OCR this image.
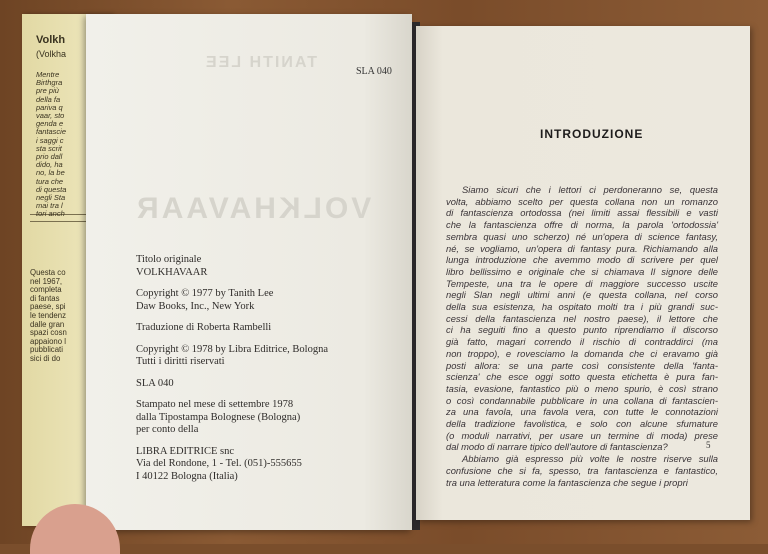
Volkh
(Volkha
Mentre
Birthgra
pre più
della fa
pariva q
vaar, sto
genda e
fantascie
i saggi c
sta scrit
prio dall
dido, ha
no, la be
tura che
di questa
negli Sta
mai tra l
tori anch
Questa co
nel 1967,
completa
di fantas
paese, spi
le tendenz
dalle gran
spazi cosn
appaiono l
pubblicati
sici di do
TANITH LEE
VOLKHAVAAR
SLA 040
Titolo originale
VOLKHAVAAR
Copyright © 1977 by Tanith Lee
Daw Books, Inc., New York
Traduzione di Roberta Rambelli
Copyright © 1978 by Libra Editrice, Bologna
Tutti i diritti riservati
SLA 040
Stampato nel mese di settembre 1978
dalla Tipostampa Bolognese (Bologna)
per conto della
LIBRA EDITRICE snc
Via del Rondone, 1 - Tel. (051)-555655
I 40122 Bologna (Italia)
INTRODUZIONE
Siamo sicuri che i lettori ci perdoneranno se, questa
volta, abbiamo scelto per questa collana non un romanzo
di fantascienza ortodossa (nei limiti assai flessibili e vasti
che la fantascienza offre di norma, la parola 'ortodossia'
sembra quasi uno scherzo) né un'opera di science fantasy,
né, se vogliamo, un'opera di fantasy pura. Richiamando alla
lunga introduzione che avemmo modo di scrivere per quel
libro bellissimo e originale che si chiamava Il signore delle
Tempeste, una tra le opere di maggiore successo uscite
negli Slan negli ultimi anni (e questa collana, nel corso
della sua esistenza, ha ospitato molti tra i più grandi suc-
cessi della fantascienza nel nostro paese), il lettore che
ci ha seguiti fino a questo punto riprendiamo il discorso
già fatto, magari correndo il rischio di contraddirci (ma
non troppo), e rovesciamo la domanda che ci eravamo già
posti allora: se una parte così consistente della 'fanta-
scienza' che esce oggi sotto questa etichetta è pura fan-
tasia, evasione, fantastico più o meno spurio, è così strano
o così condannabile pubblicare in una collana di fantascien-
za una favola, una favola vera, con tutte le connotazioni
della tradizione favolistica, e solo con alcune sfumature
(o moduli narrativi, per usare un termine di moda) prese
dal modo di narrare tipico dell'autore di fantascienza?
Abbiamo già espresso più volte le nostre riserve sulla
confusione che si fa, spesso, tra fantascienza e fantastico,
tra una letteratura come la fantascienza che segue i propri
5
